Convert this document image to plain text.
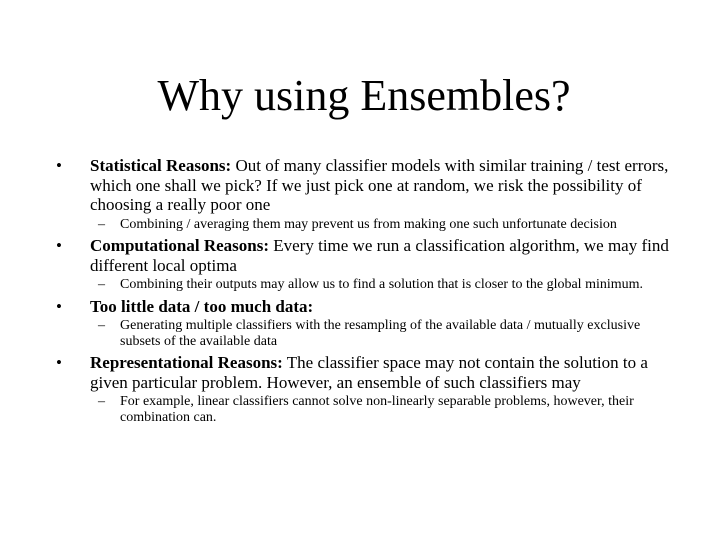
Why using Ensembles?
• Statistical Reasons: Out of many classifier models with similar training / test errors, which one shall we pick? If we just pick one at random, we risk the possibility of choosing a really poor one
– Combining / averaging them may prevent us from making one such unfortunate decision
• Computational Reasons: Every time we run a classification algorithm, we may find different local optima
– Combining their outputs may allow us to find a solution that is closer to the global minimum.
• Too little data / too much data:
– Generating multiple classifiers with the resampling of the available data / mutually exclusive subsets of the available data
• Representational Reasons: The classifier space may not contain the solution to a given particular problem. However, an ensemble of such classifiers may
– For example, linear classifiers cannot solve non-linearly separable problems, however, their combination can.
